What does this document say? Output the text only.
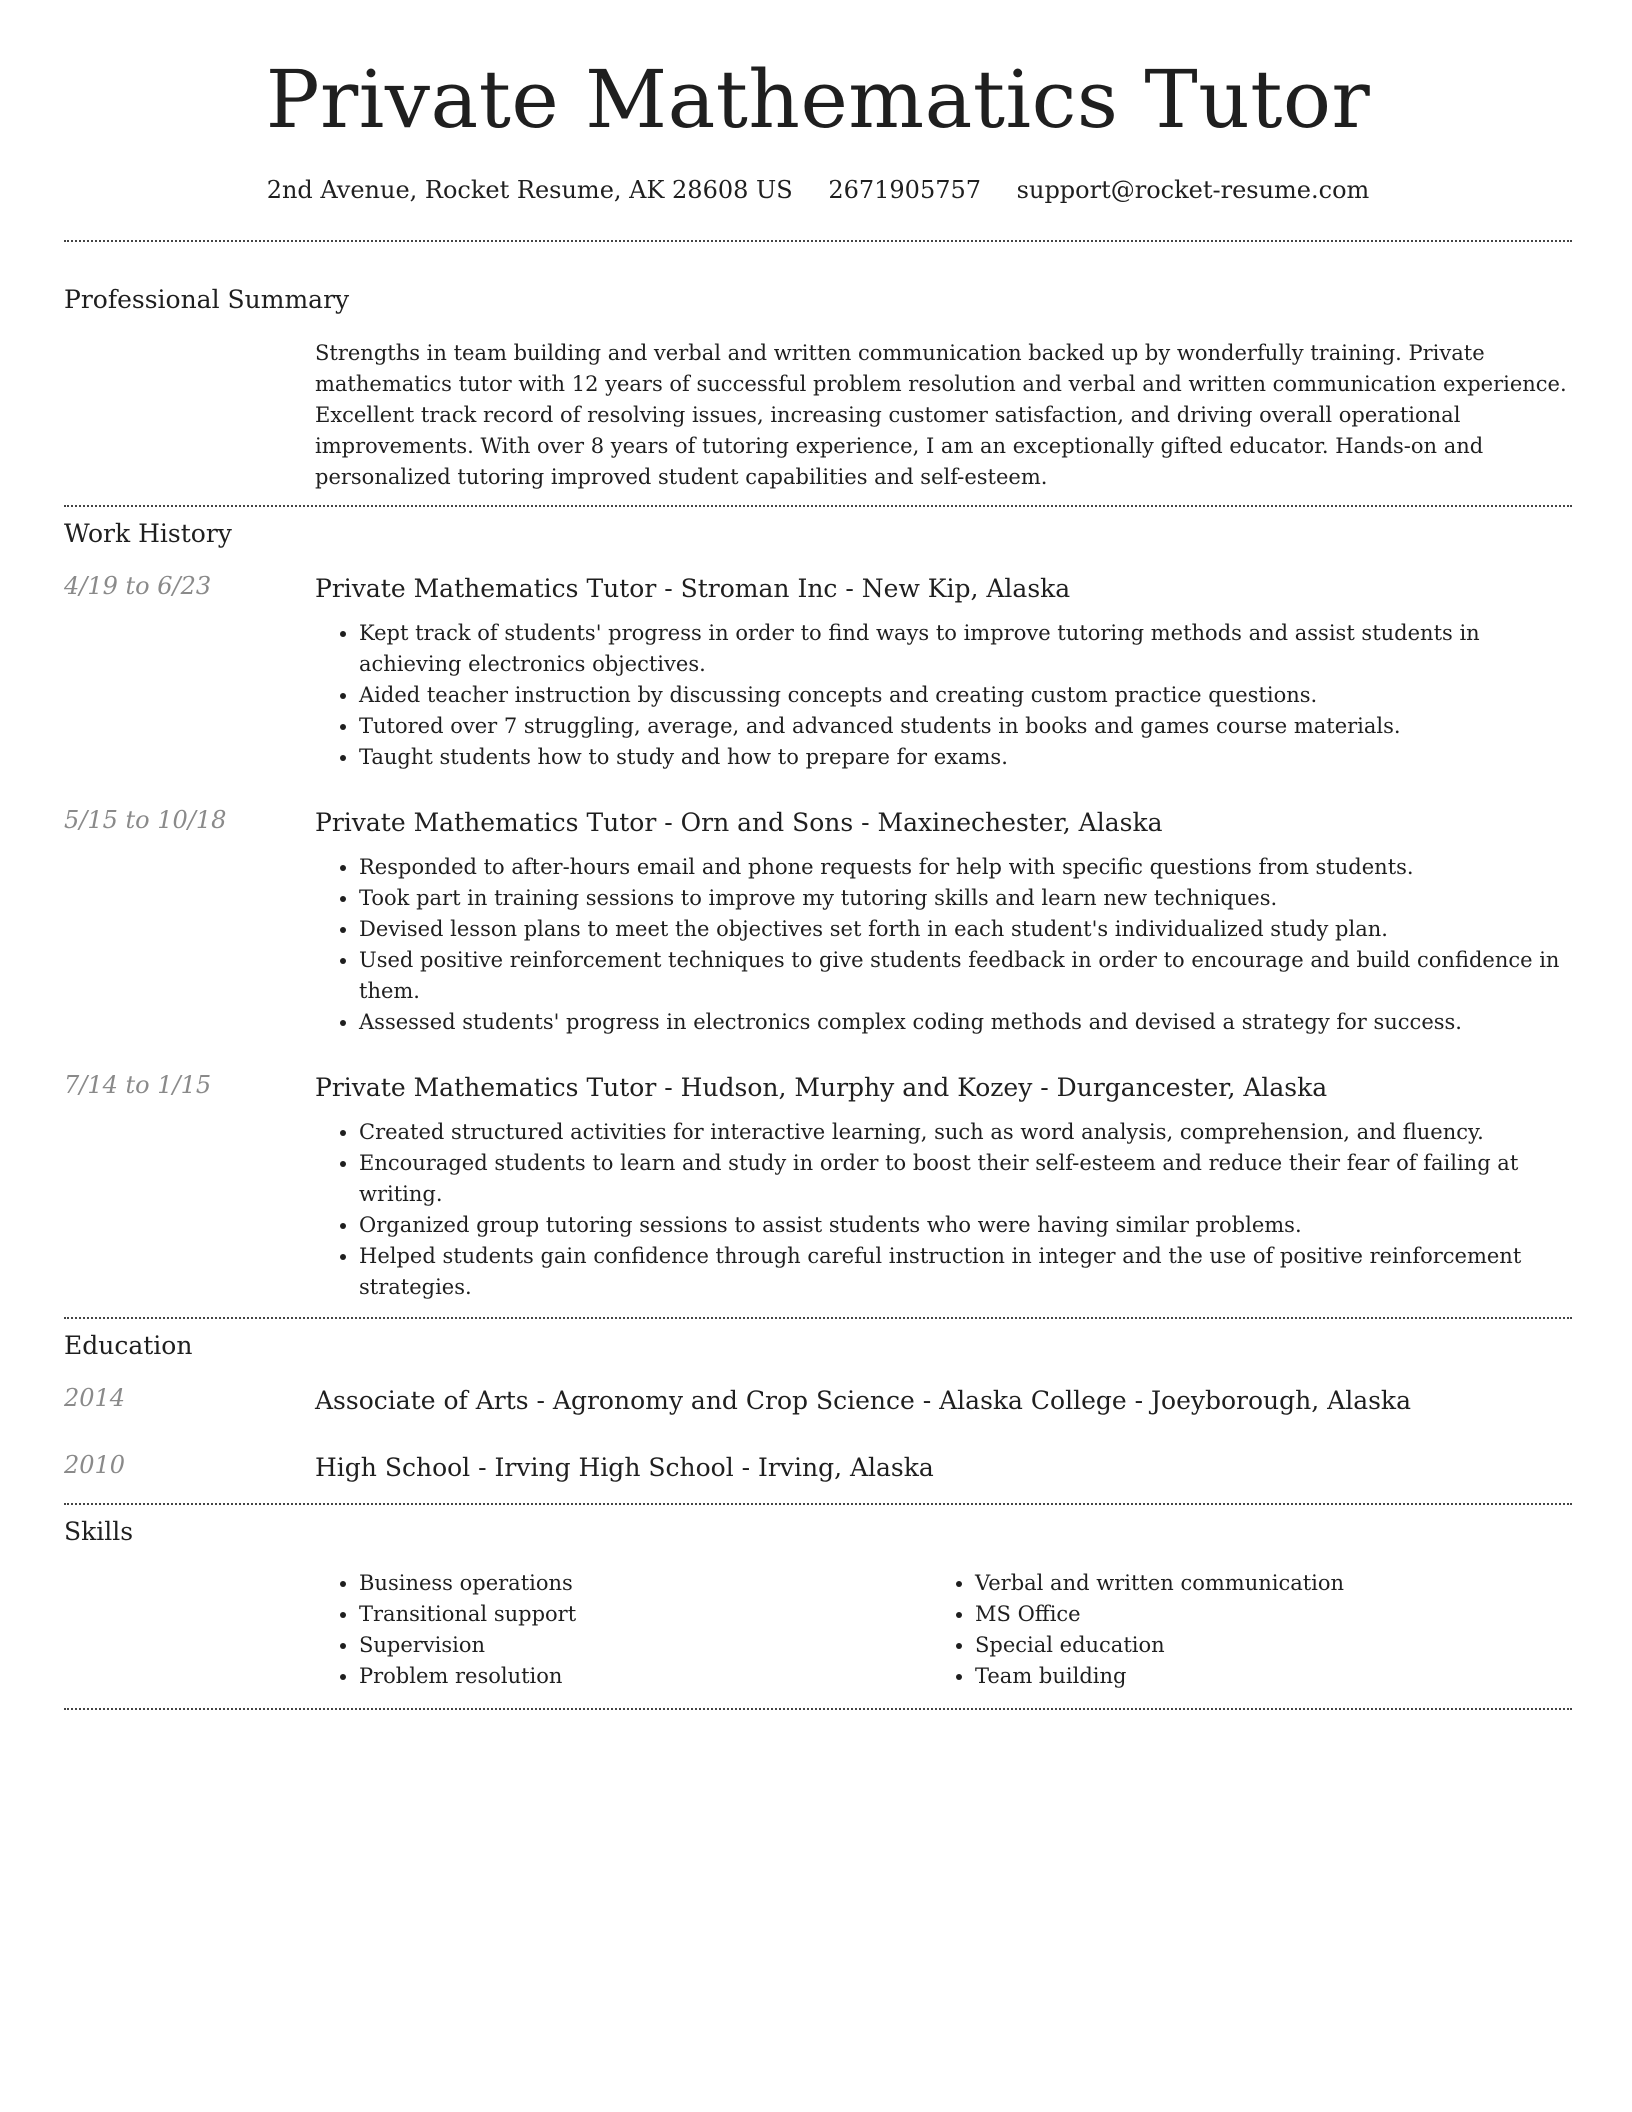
Private Mathematics Tutor
2nd Avenue, Rocket Resume, AK 28608 US 2671905757 support@rocket-resume.com
Professional Summary

Strengths in team building and verbal and written communication backed up by wonderfully training. Private mathematics tutor with 12 years of successful problem resolution and verbal and written communication experience. Excellent track record of resolving issues, increasing customer satisfaction, and driving overall operational improvements. With over 8 years of tutoring experience, I am an exceptionally gifted educator. Hands-on and personalized tutoring improved student capabilities and self-esteem.

Work History
4/19 to 6/23	Private Mathematics Tutor - Stroman Inc - New Kip, Alaska
• Kept track of students' progress in order to find ways to improve tutoring methods and assist students in achieving electronics objectives.
• Aided teacher instruction by discussing concepts and creating custom practice questions.
• Tutored over 7 struggling, average, and advanced students in books and games course materials.
• Taught students how to study and how to prepare for exams.
5/15 to 10/18	Private Mathematics Tutor - Orn and Sons - Maxinechester, Alaska
• Responded to after-hours email and phone requests for help with specific questions from students.
• Took part in training sessions to improve my tutoring skills and learn new techniques.
• Devised lesson plans to meet the objectives set forth in each student's individualized study plan.
• Used positive reinforcement techniques to give students feedback in order to encourage and build confidence in them.
• Assessed students' progress in electronics complex coding methods and devised a strategy for success.
7/14 to 1/15	Private Mathematics Tutor - Hudson, Murphy and Kozey - Durgancester, Alaska
• Created structured activities for interactive learning, such as word analysis, comprehension, and fluency.
• Encouraged students to learn and study in order to boost their self-esteem and reduce their fear of failing at writing.
• Organized group tutoring sessions to assist students who were having similar problems.
• Helped students gain confidence through careful instruction in integer and the use of positive reinforcement strategies.
Education
2014	Associate of Arts - Agronomy and Crop Science - Alaska College - Joeyborough, Alaska
2010	High School - Irving High School - Irving, Alaska
Skills
• Business operations
• Transitional support
• Supervision
• Problem resolution
• Verbal and written communication
• MS Office
• Special education
• Team building
